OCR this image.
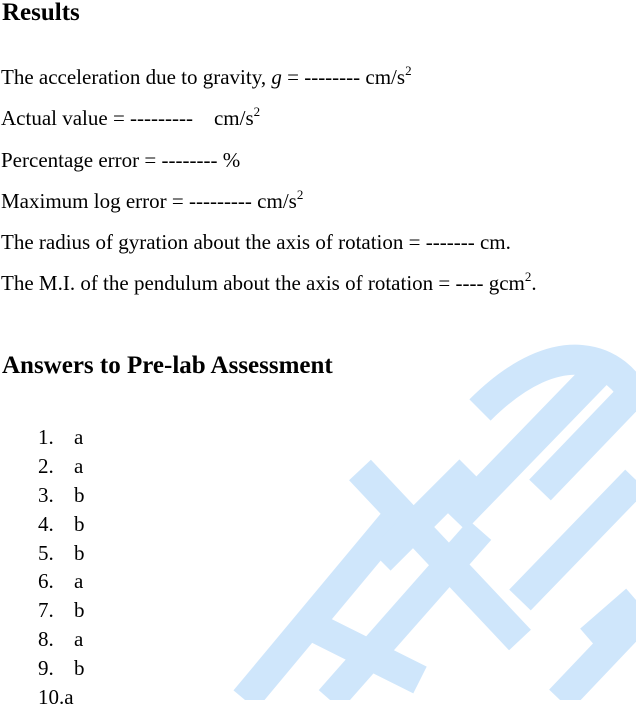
Results
The acceleration due to gravity, g = -------- $cm/s^2$
Actual value = ---------    $cm/s^2$
Percentage error = -------- %
Maximum log error = --------- $cm/s^2$
The radius of gyration about the axis of rotation = ------- cm.
The M.I. of the pendulum about the axis of rotation = ---- gcm$^2$.
Answers to Pre-lab Assessment
1. a
2. a
3. b
4. b
5. b
6. a
7. b
8. a
9. b
10.a
